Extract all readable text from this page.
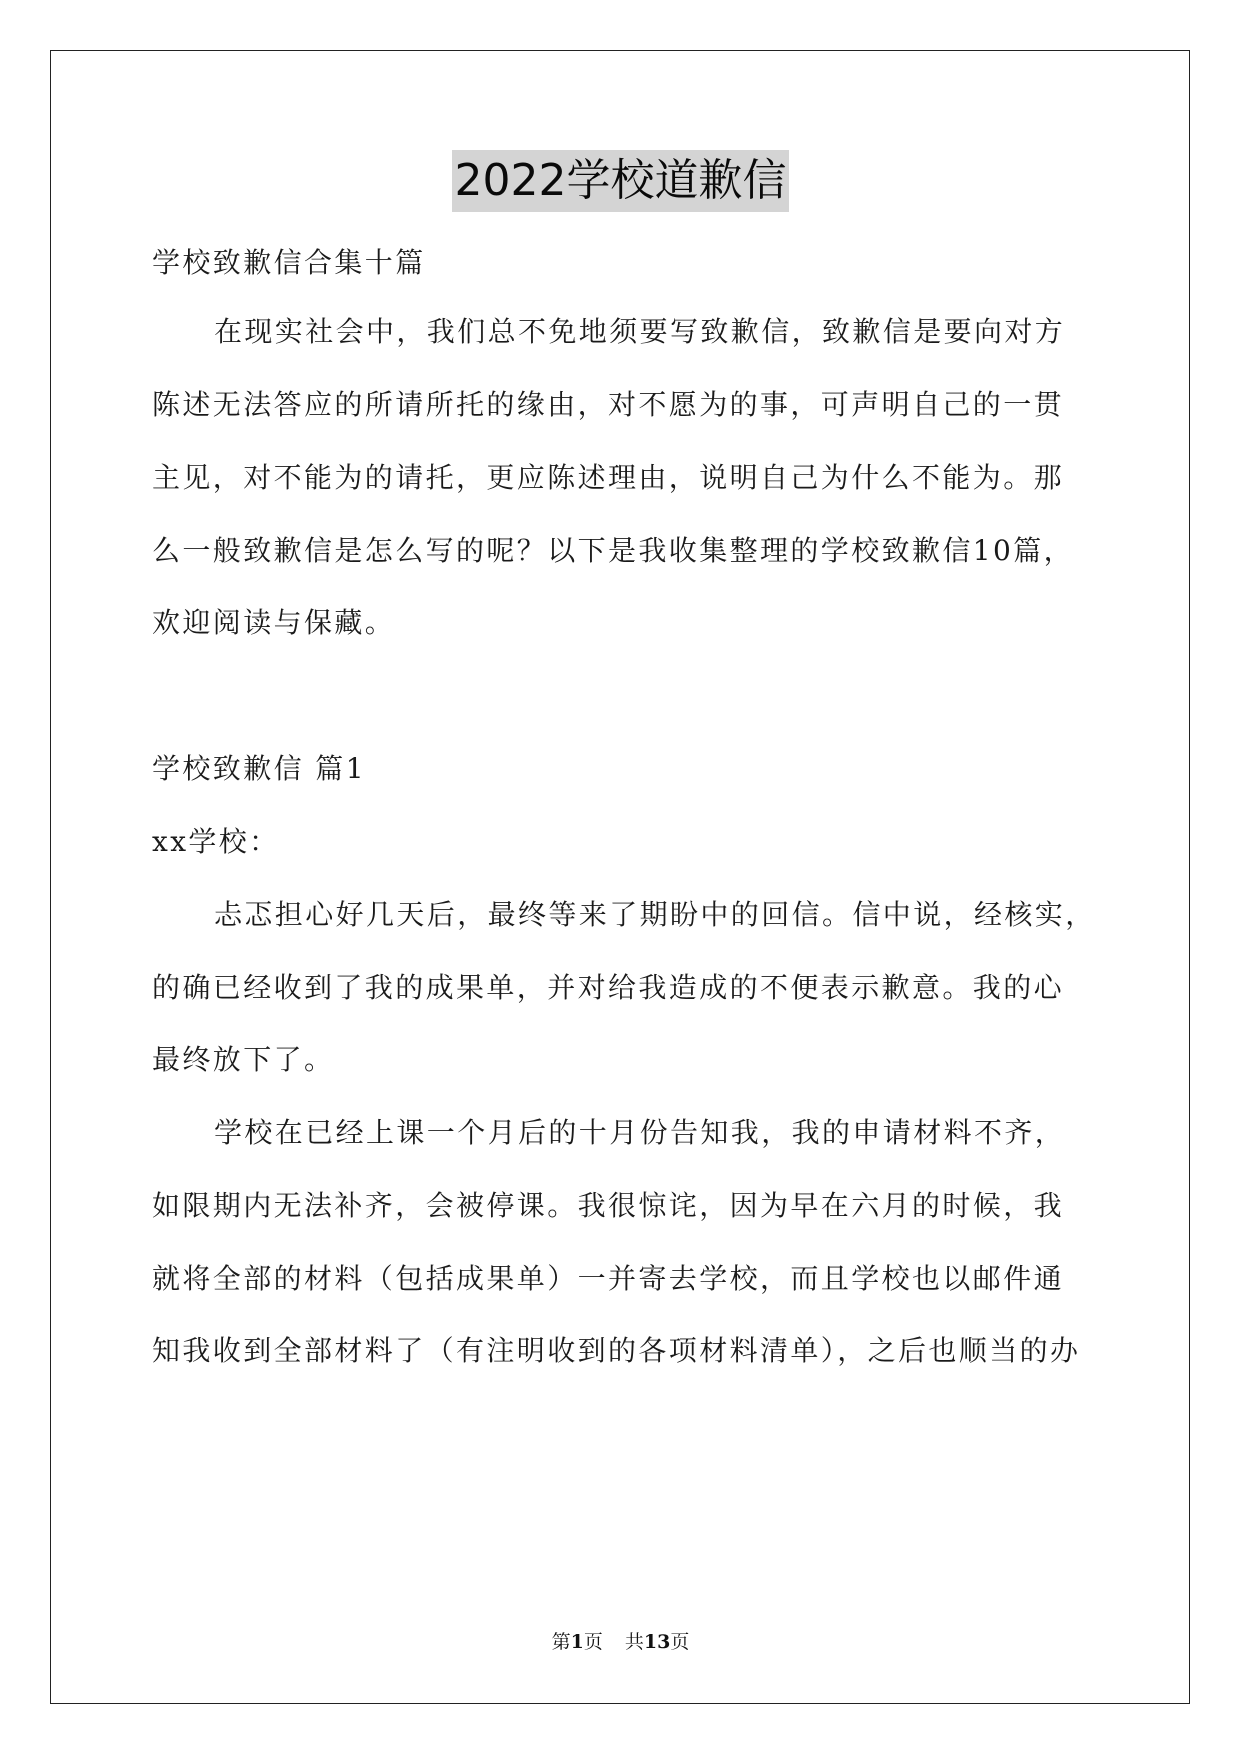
2022学校道歉信
学校致歉信合集十篇
在现实社会中，我们总不免地须要写致歉信，致歉信是要向对方
陈述无法答应的所请所托的缘由，对不愿为的事，可声明自己的一贯
主见，对不能为的请托，更应陈述理由，说明自己为什么不能为。那
么一般致歉信是怎么写的呢？以下是我收集整理的学校致歉信10篇，
欢迎阅读与保藏。
学校致歉信 篇1
xx学校：
忐忑担心好几天后，最终等来了期盼中的回信。信中说，经核实，
的确已经收到了我的成果单，并对给我造成的不便表示歉意。我的心
最终放下了。
学校在已经上课一个月后的十月份告知我，我的申请材料不齐，
如限期内无法补齐，会被停课。我很惊诧，因为早在六月的时候，我
就将全部的材料（包括成果单）一并寄去学校，而且学校也以邮件通
知我收到全部材料了（有注明收到的各项材料清单），之后也顺当的办
第1页 共13页
